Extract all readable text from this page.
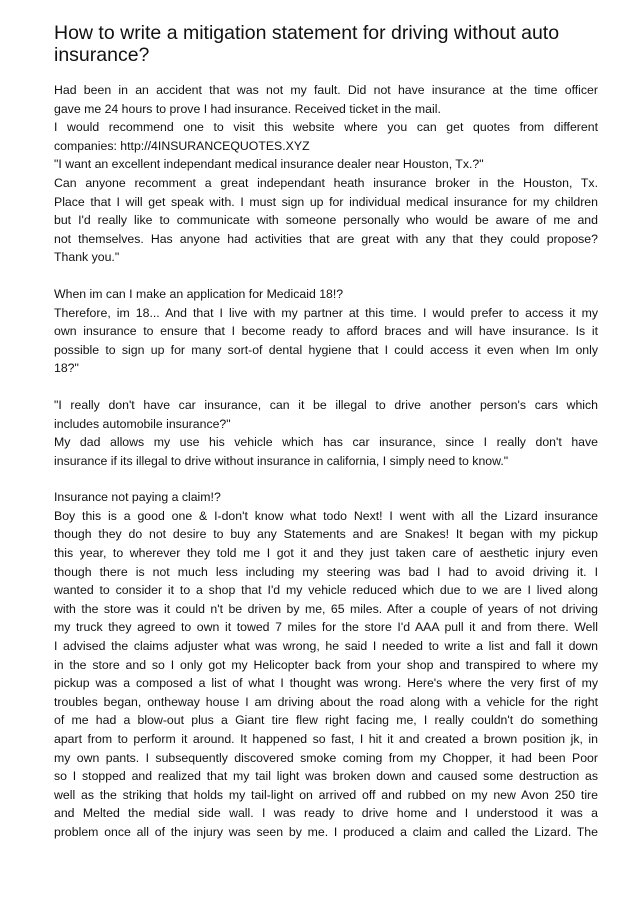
How to write a mitigation statement for driving without auto
insurance?
Had been in an accident that was not my fault. Did not have insurance at the time officer
gave me 24 hours to prove I had insurance. Received ticket in the mail.
I would recommend one to visit this website where you can get quotes from different
companies: http://4INSURANCEQUOTES.XYZ
"I want an excellent independant medical insurance dealer near Houston, Tx.?"
Can anyone recomment a great independant heath insurance broker in the Houston, Tx.
Place that I will get speak with. I must sign up for individual medical insurance for my children
but I'd really like to communicate with someone personally who would be aware of me and
not themselves. Has anyone had activities that are great with any that they could propose?
Thank you."
When im can I make an application for Medicaid 18!?
Therefore, im 18... And that I live with my partner at this time. I would prefer to access it my
own insurance to ensure that I become ready to afford braces and will have insurance. Is it
possible to sign up for many sort-of dental hygiene that I could access it even when Im only
18?"
"I really don't have car insurance, can it be illegal to drive another person's cars which
includes automobile insurance?"
My dad allows my use his vehicle which has car insurance, since I really don't have
insurance if its illegal to drive without insurance in california, I simply need to know."
Insurance not paying a claim!?
Boy this is a good one & I-don't know what todo Next! I went with all the Lizard insurance
though they do not desire to buy any Statements and are Snakes! It began with my pickup
this year, to wherever they told me I got it and they just taken care of aesthetic injury even
though there is not much less including my steering was bad I had to avoid driving it. I
wanted to consider it to a shop that I'd my vehicle reduced which due to we are I lived along
with the store was it could n't be driven by me, 65 miles. After a couple of years of not driving
my truck they agreed to own it towed 7 miles for the store I'd AAA pull it and from there. Well
I advised the claims adjuster what was wrong, he said I needed to write a list and fall it down
in the store and so I only got my Helicopter back from your shop and transpired to where my
pickup was a composed a list of what I thought was wrong. Here's where the very first of my
troubles began, ontheway house I am driving about the road along with a vehicle for the right
of me had a blow-out plus a Giant tire flew right facing me, I really couldn't do something
apart from to perform it around. It happened so fast, I hit it and created a brown position jk, in
my own pants. I subsequently discovered smoke coming from my Chopper, it had been Poor
so I stopped and realized that my tail light was broken down and caused some destruction as
well as the striking that holds my tail-light on arrived off and rubbed on my new Avon 250 tire
and Melted the medial side wall. I was ready to drive home and I understood it was a
problem once all of the injury was seen by me. I produced a claim and called the Lizard. The
